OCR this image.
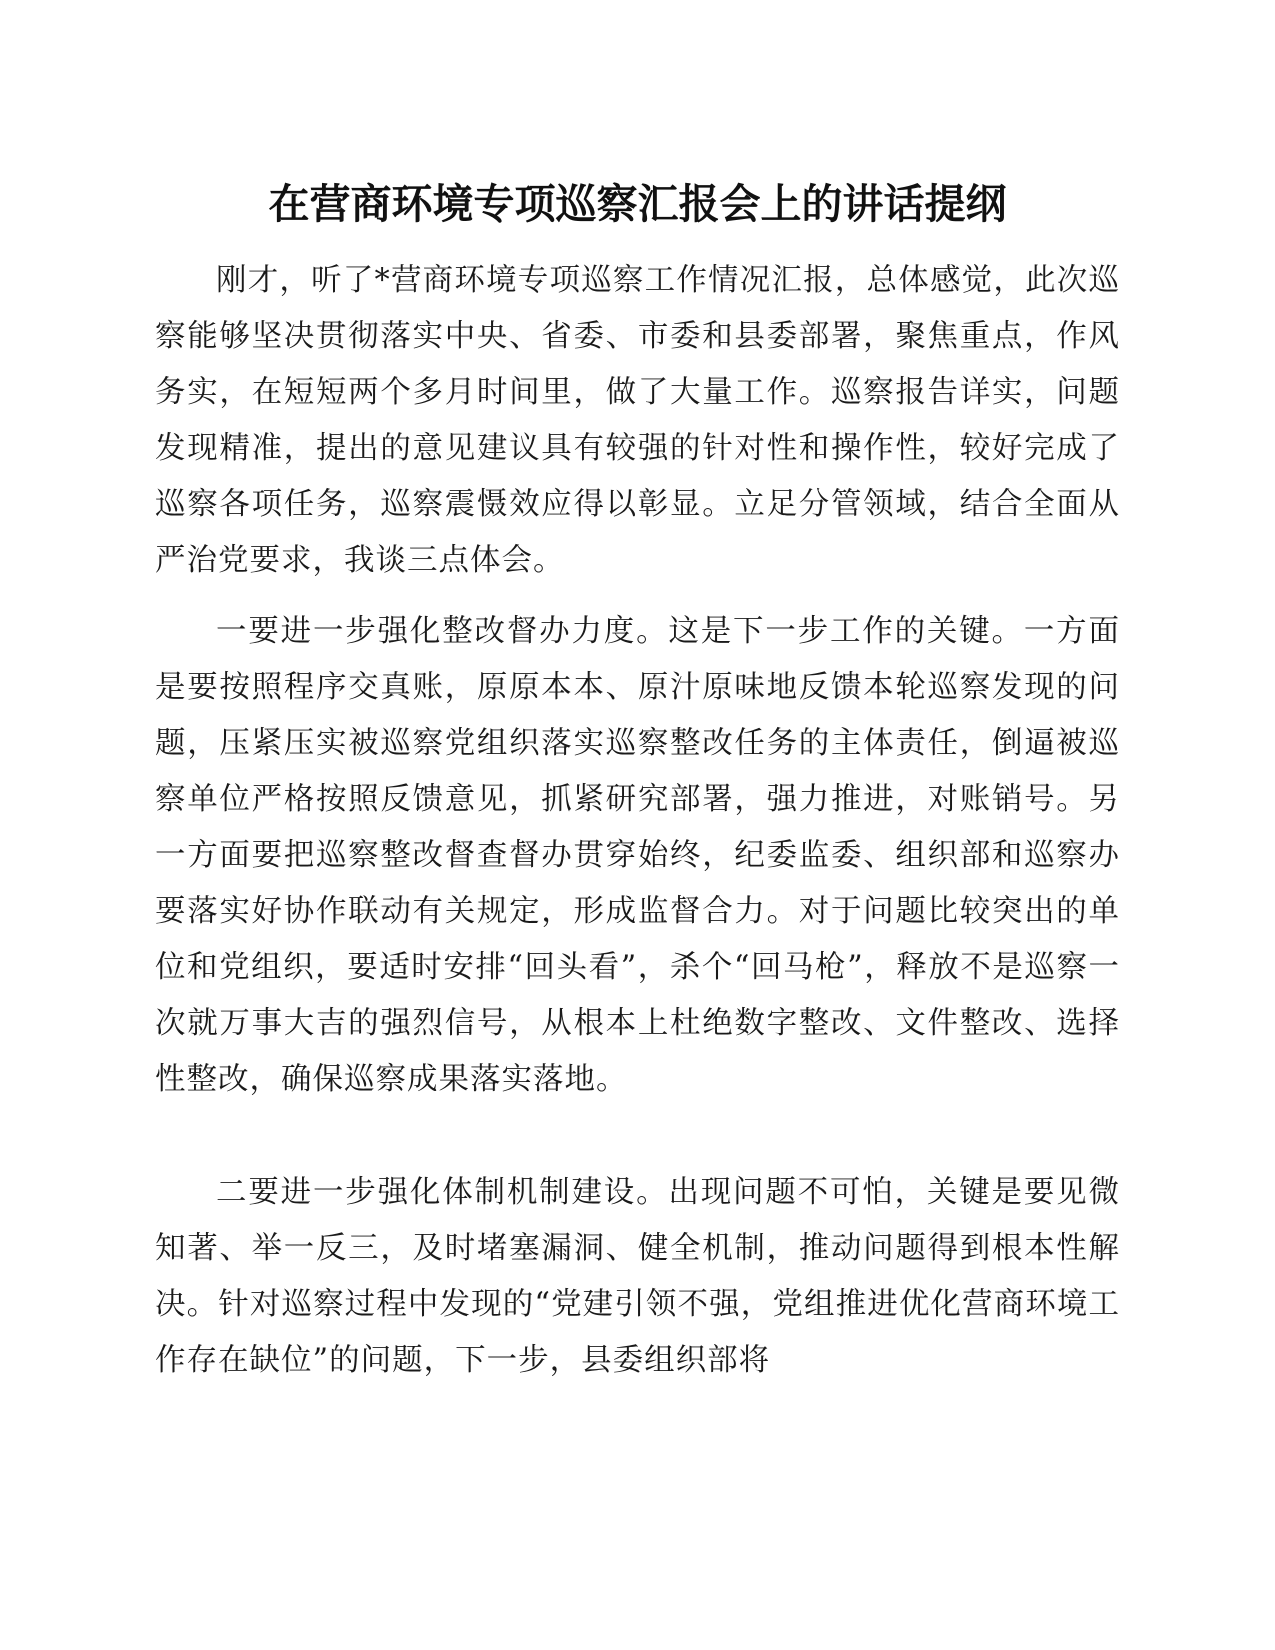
在营商环境专项巡察汇报会上的讲话提纲

刚才，听了*营商环境专项巡察工作情况汇报，总体感觉，此次巡察能够坚决贯彻落实中央、省委、市委和县委部署，聚焦重点，作风务实，在短短两个多月时间里，做了大量工作。巡察报告详实，问题发现精准，提出的意见建议具有较强的针对性和操作性，较好完成了巡察各项任务，巡察震慑效应得以彰显。立足分管领域，结合全面从严治党要求，我谈三点体会。

一要进一步强化整改督办力度。这是下一步工作的关键。一方面是要按照程序交真账，原原本本、原汁原味地反馈本轮巡察发现的问题，压紧压实被巡察党组织落实巡察整改任务的主体责任，倒逼被巡察单位严格按照反馈意见，抓紧研究部署，强力推进，对账销号。另一方面要把巡察整改督查督办贯穿始终，纪委监委、组织部和巡察办要落实好协作联动有关规定，形成监督合力。对于问题比较突出的单位和党组织，要适时安排“回头看”，杀个“回马枪”，释放不是巡察一次就万事大吉的强烈信号，从根本上杜绝数字整改、文件整改、选择性整改，确保巡察成果落实落地。

二要进一步强化体制机制建设。出现问题不可怕，关键是要见微知著、举一反三，及时堵塞漏洞、健全机制，推动问题得到根本性解决。针对巡察过程中发现的“党建引领不强，党组推进优化营商环境工作存在缺位”的问题，下一步，县委组织部将
